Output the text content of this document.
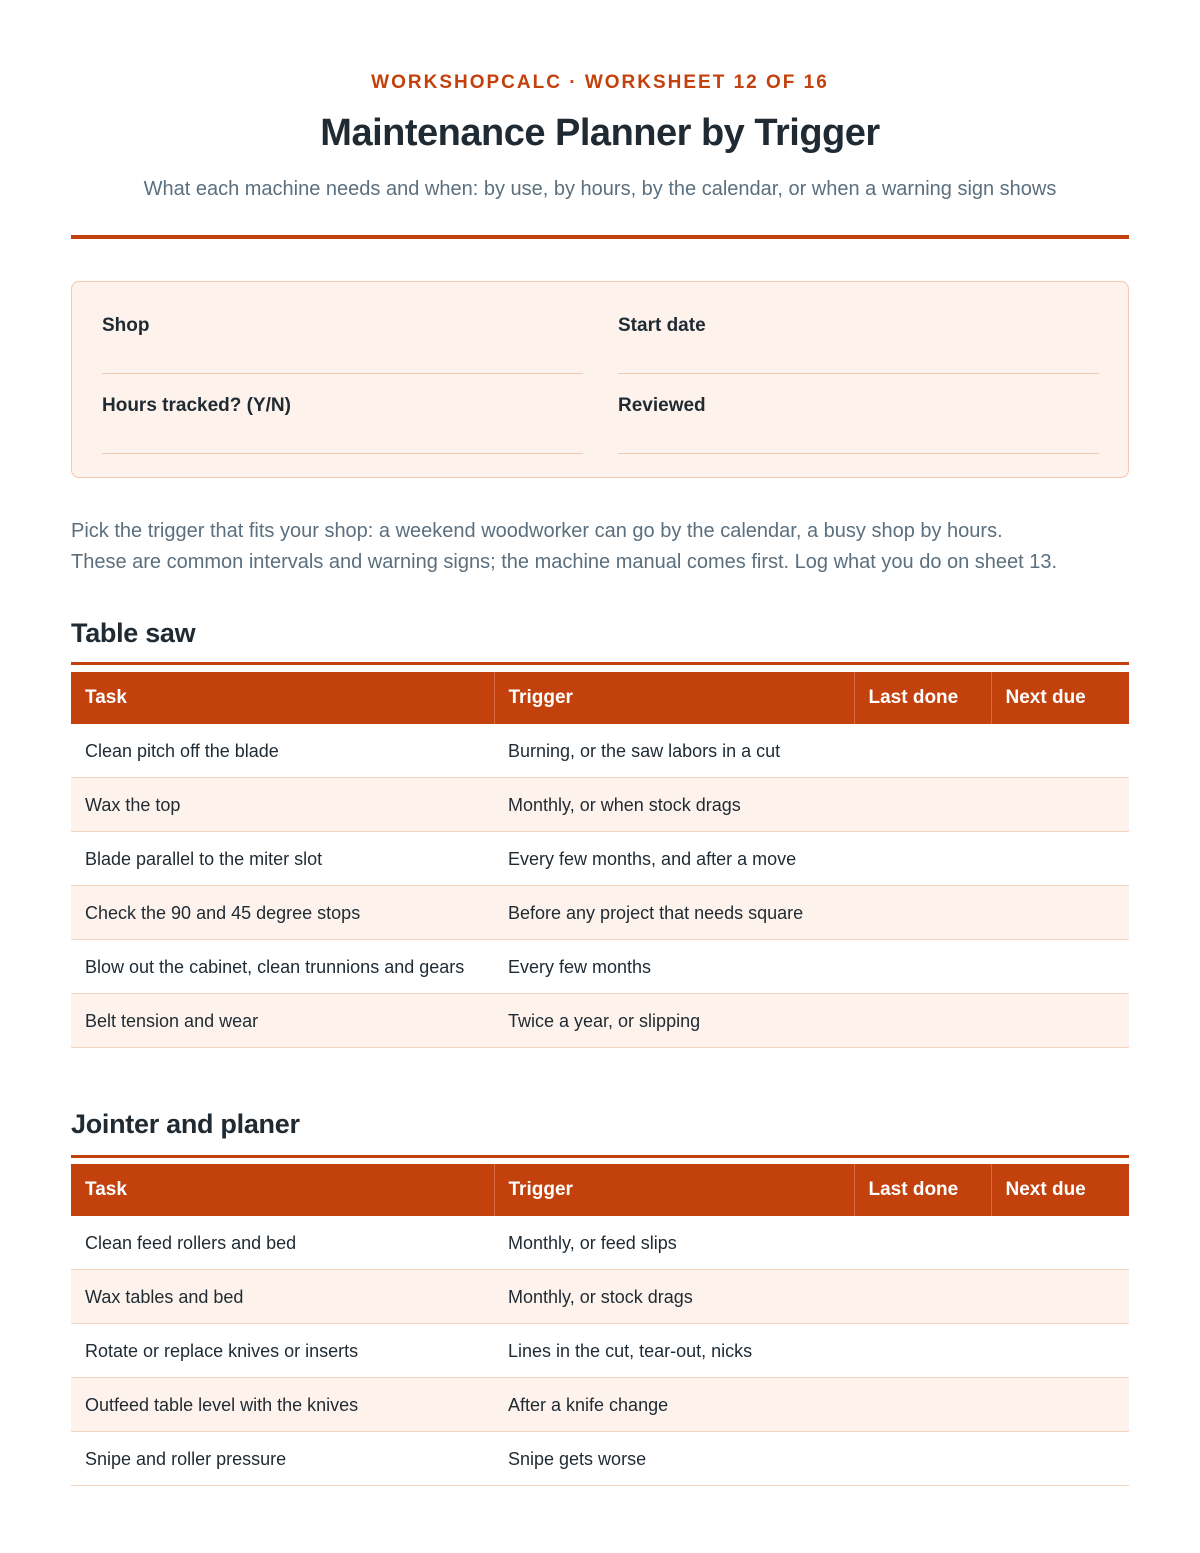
WORKSHOPCALC · WORKSHEET 12 OF 16
Maintenance Planner by Trigger
What each machine needs and when: by use, by hours, by the calendar, or when a warning sign shows
Shop	Start date
Hours tracked? (Y/N)	Reviewed

Pick the trigger that fits your shop: a weekend woodworker can go by the calendar, a busy shop by hours.

These are common intervals and warning signs; the machine manual comes first. Log what you do on sheet 13.

Table saw
Task	Trigger	Last done	Next due
Clean pitch off the blade	Burning, or the saw labors in a cut		
Wax the top	Monthly, or when stock drags		
Blade parallel to the miter slot	Every few months, and after a move		
Check the 90 and 45 degree stops	Before any project that needs square		
Blow out the cabinet, clean trunnions and gears	Every few months		
Belt tension and wear	Twice a year, or slipping		
Jointer and planer
Task	Trigger	Last done	Next due
Clean feed rollers and bed	Monthly, or feed slips		
Wax tables and bed	Monthly, or stock drags		
Rotate or replace knives or inserts	Lines in the cut, tear-out, nicks		
Outfeed table level with the knives	After a knife change		
Snipe and roller pressure	Snipe gets worse		
